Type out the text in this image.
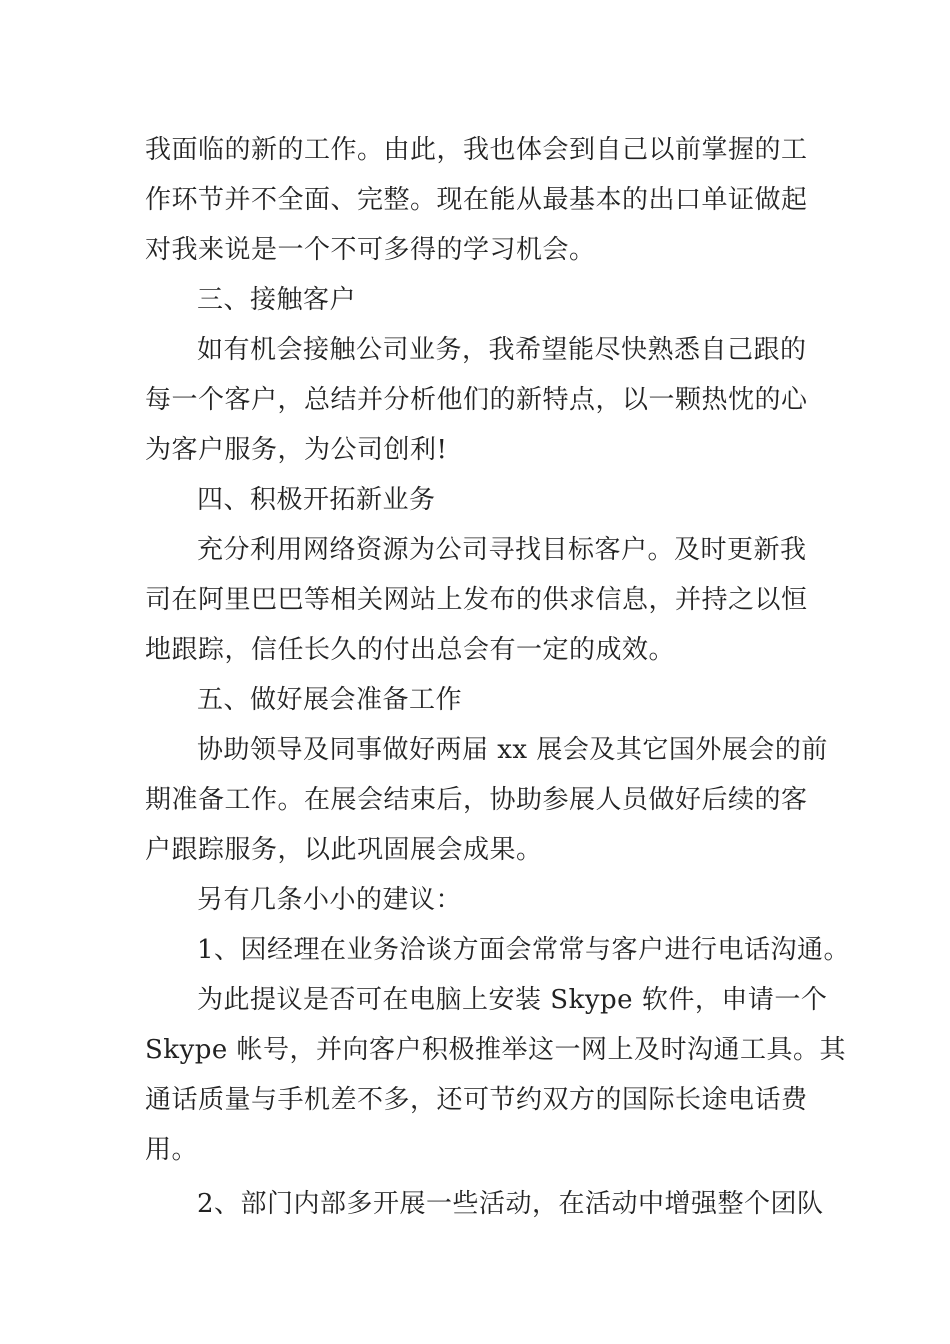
我面临的新的工作。由此，我也体会到自己以前掌握的工
作环节并不全面、完整。现在能从最基本的出口单证做起
对我来说是一个不可多得的学习机会。
三、接触客户
如有机会接触公司业务，我希望能尽快熟悉自己跟的
每一个客户，总结并分析他们的新特点，以一颗热忱的心
为客户服务，为公司创利!
四、积极开拓新业务
充分利用网络资源为公司寻找目标客户。及时更新我
司在阿里巴巴等相关网站上发布的供求信息，并持之以恒
地跟踪，信任长久的付出总会有一定的成效。
五、做好展会准备工作
协助领导及同事做好两届 xx 展会及其它国外展会的前
期准备工作。在展会结束后，协助参展人员做好后续的客
户跟踪服务，以此巩固展会成果。
另有几条小小的建议：
1、因经理在业务洽谈方面会常常与客户进行电话沟通。
为此提议是否可在电脑上安装 Skype 软件，申请一个
Skype 帐号，并向客户积极推举这一网上及时沟通工具。其
通话质量与手机差不多，还可节约双方的国际长途电话费
用。
2、部门内部多开展一些活动，在活动中增强整个团队
